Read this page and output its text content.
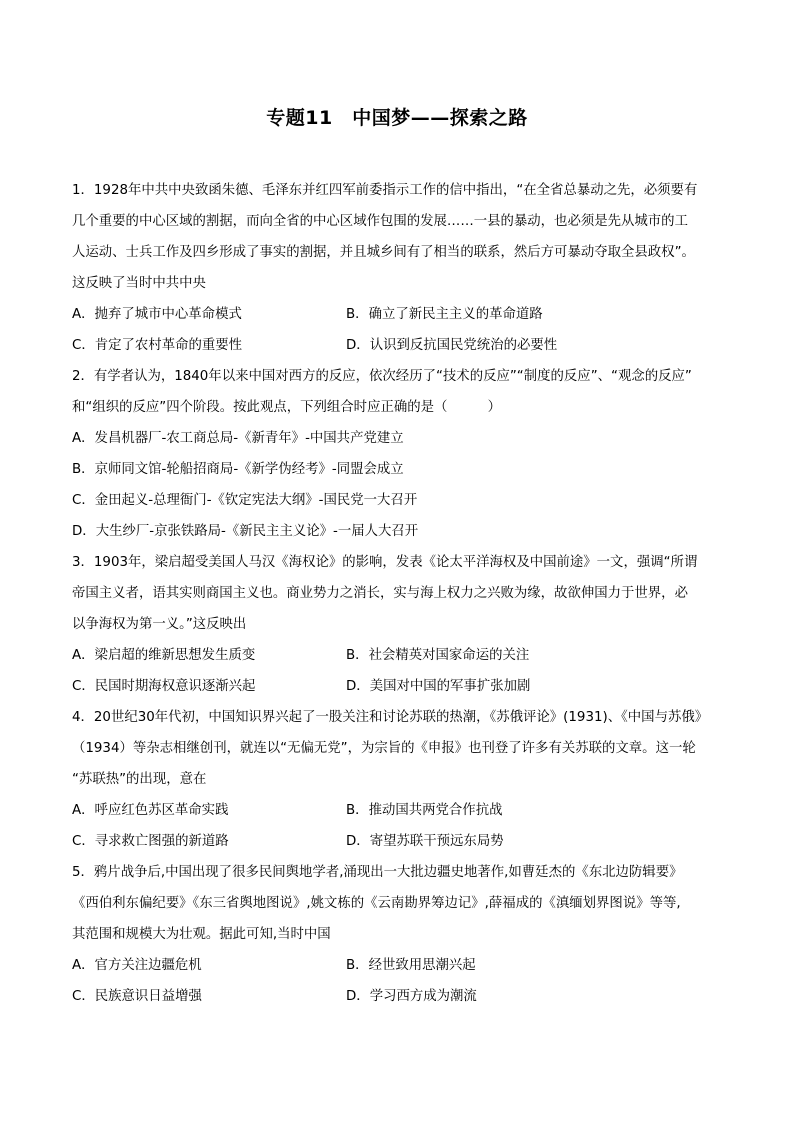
专题11　中国梦——探索之路

1．1928年中共中央致函朱德、毛泽东并红四军前委指示工作的信中指出，“在全省总暴动之先，必须要有

几个重要的中心区域的割据，而向全省的中心区域作包围的发展……一县的暴动，也必须是先从城市的工

人运动、士兵工作及四乡形成了事实的割据，并且城乡间有了相当的联系，然后方可暴动夺取全县政权”。

这反映了当时中共中央

A．抛弃了城市中心革命模式	B．确立了新民主主义的革命道路
C．肯定了农村革命的重要性	D．认识到反抗国民党统治的必要性

2．有学者认为，1840年以来中国对西方的反应，依次经历了“技术的反应”“制度的反应”、“观念的反应”

和“组织的反应”四个阶段。按此观点，下列组合时应正确的是（　　　）

A．发昌机器厂-农工商总局-《新青年》-中国共产党建立
B．京师同文馆-轮船招商局-《新学伪经考》-同盟会成立
C．金田起义-总理衙门-《钦定宪法大纲》-国民党一大召开
D．大生纱厂-京张铁路局-《新民主主义论》-一届人大召开

3．1903年，梁启超受美国人马汉《海权论》的影响，发表《论太平洋海权及中国前途》一文，强调“所谓

帝国主义者，语其实则商国主义也。商业势力之消长，实与海上权力之兴败为缘，故欲伸国力于世界，必

以争海权为第一义。”这反映出

A．梁启超的维新思想发生质变	B．社会精英对国家命运的关注
C．民国时期海权意识逐渐兴起	D．美国对中国的军事扩张加剧

4．20世纪30年代初，中国知识界兴起了一股关注和讨论苏联的热潮，《苏俄评论》(1931)、《中国与苏俄》

（1934）等杂志相继创刊，就连以“无偏无党”，为宗旨的《申报》也刊登了许多有关苏联的文章。这一轮

“苏联热”的出现，意在

A．呼应红色苏区革命实践	B．推动国共两党合作抗战
C．寻求救亡图强的新道路	D．寄望苏联干预远东局势

5．鸦片战争后,中国出现了很多民间舆地学者,涌现出一大批边疆史地著作,如曹廷杰的《东北边防辑要》

《西伯利东偏纪要》《东三省舆地图说》,姚文栋的《云南勘界筹边记》,薛福成的《滇缅划界图说》等等,

其范围和规模大为壮观。据此可知,当时中国

A．官方关注边疆危机	B．经世致用思潮兴起
C．民族意识日益增强	D．学习西方成为潮流
